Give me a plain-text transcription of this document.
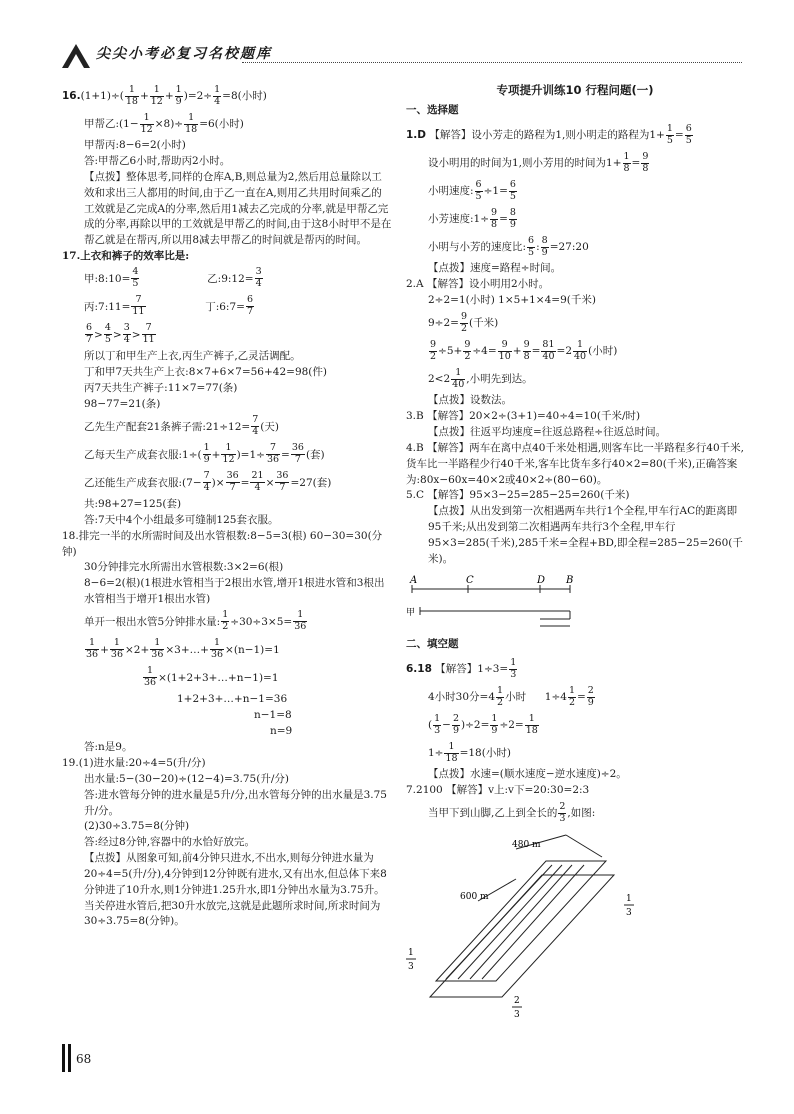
尖尖小考必复习名校题库
$16.(1+1)\div( \frac{1}{18} + \frac{1}{12} + \frac{1}{9} )=2\div \frac{1}{4} =8$(小时)
甲帮乙:(1− $\frac{1}{12} \times 8)\div \frac{1}{18} =6$(小时)
甲帮丙:8−6=2(小时)
答:甲帮乙6小时,帮助丙2小时。
【点拨】整体思考,同样的仓库A,B,则总量为2,然后用总量除以工效和求出三人都用的时间,由于乙一直在A,则用乙共用时间乘乙的工效就是乙完成A的分率,然后用1减去乙完成的分率,就是甲帮乙完成的分率,再除以甲的工效就是甲帮乙的时间,由于这8小时甲不是在帮乙就是在帮丙,所以用8减去甲帮乙的时间就是帮丙的时间。
17.上衣和裤子的效率比是:
甲:8:10= $\frac{4}{5}$	乙:9:12= $\frac{3}{4}$
丙:7:11= $\frac{7}{11}$	丁:6:7= $\frac{6}{7}$
$\frac{6}{7} > \frac{4}{5} > \frac{3}{4} > \frac{7}{11}$
所以丁和甲生产上衣,丙生产裤子,乙灵活调配。
丁和甲7天共生产上衣:8×7+6×7=56+42=98(件)
丙7天共生产裤子:11×7=77(条)
98−77=21(条)
乙先生产配套21条裤子需:21÷12= $\frac{7}{4}$ (天)
乙每天生产成套衣服:1÷( $\frac{1}{9} + \frac{1}{12} )=1\div \frac{7}{36} = \frac{36}{7}$ (套)
乙还能生产成套衣服:(7− $\frac{7}{4}$ )× $\frac{36}{7} = \frac{21}{4} \times \frac{36}{7} =27$(套)
共:98+27=125(套)
答:7天中4个小组最多可缝制125套衣服。
18.排完一半的水所需时间及出水管根数:8−5=3(根) 60−30=30(分钟)
30分钟排完水所需出水管根数:3×2=6(根)
8−6=2(根)(1根进水管相当于2根出水管,增开1根进水管和3根出水管相当于增开1根出水管)
单开一根出水管5分钟排水量: $\frac{1}{2} \div 30\div 3\times 5= \frac{1}{36}$
$\frac{1}{36} + \frac{1}{36} \times 2+ \frac{1}{36}$ ×3+…+ $\frac{1}{36} \times(n-1)=1$
$\frac{1}{36}$ ×(1+2+3+…+n−1)=1
1+2+3+…+n−1=36
n−1=8
n=9
答:n是9。
19.(1)进水量:20÷4=5(升/分)
出水量:5−(30−20)÷(12−4)=3.75(升/分)
答:进水管每分钟的进水量是5升/分,出水管每分钟的出水量是3.75升/分。
(2)30÷3.75=8(分钟)
答:经过8分钟,容器中的水恰好放完。
【点拨】从图象可知,前4分钟只进水,不出水,则每分钟进水量为20÷4=5(升/分),4分钟到12分钟既有进水,又有出水,但总体下来8分钟进了10升水,则1分钟进1.25升水,即1分钟出水量为3.75升。当关停进水管后,把30升水放完,这就是此题所求时间,所求时间为30÷3.75=8(分钟)。
专项提升训练10 行程问题(一)
一、选择题
1.D 【解答】设小芳走的路程为1,则小明走的路程为$1+ \frac{1}{5} = \frac{6}{5}$
设小明用的时间为1,则小芳用的时间为$1+ \frac{1}{8} = \frac{9}{8}$
小明速度: $\frac{6}{5} \div 1= \frac{6}{5}$
小芳速度:1÷ $\frac{9}{8} = \frac{8}{9}$
小明与小芳的速度比: $\frac{6}{5}$ : $\frac{8}{9}$ =27:20
【点拨】速度=路程÷时间。
2.A 【解答】设小明用2小时。
2÷2=1(小时) 1×5+1×4=9(千米)
$9\div 2= \frac{9}{2}$ (千米)
$\frac{9}{2} \div 5+ \frac{9}{2} \div 4= \frac{9}{10} + \frac{9}{8} = \frac{81}{40} =2 \frac{1}{40}$ (小时)
$2<2 \frac{1}{40}$ ,小明先到达。
【点拨】设数法。
3.B 【解答】20×2÷(3+1)=40÷4=10(千米/时)
【点拨】往返平均速度=往返总路程÷往返总时间。
4.B 【解答】两车在离中点40千米处相遇,则客车比一半路程多行40千米,货车比一半路程少行40千米,客车比货车多行40×2=80(千米),正确答案为:80x−60x=40×2或40×2÷(80−60)。
5.C 【解答】95×3−25=285−25=260(千米)
【点拨】从出发到第一次相遇两车共行1个全程,甲车行AC的距离即95千米;从出发到第二次相遇两车共行3个全程,甲车行95×3=285(千米),285千米=全程+BD,即全程=285−25=260(千米)。
A	C	D B
甲
二、填空题
6.18 【解答】$1\div 3= \frac{1}{3}$
4小时30分$=4 \frac{1}{2}$ 小时 $1\div 4 \frac{1}{2} = \frac{2}{9}$
( $\frac{1}{3} - \frac{2}{9} )\div 2= \frac{1}{9} \div 2= \frac{1}{18}$
$1\div \frac{1}{18} =18$(小时)
【点拨】水速=(顺水速度−逆水速度)÷2。
7.2100 【解答】v上:v下=20:30=2:3
当甲下到山脚,乙上到全长的 $\frac{2}{3}$ ,如图:
480 m
600 m	1
3
1
3
2
3
68
